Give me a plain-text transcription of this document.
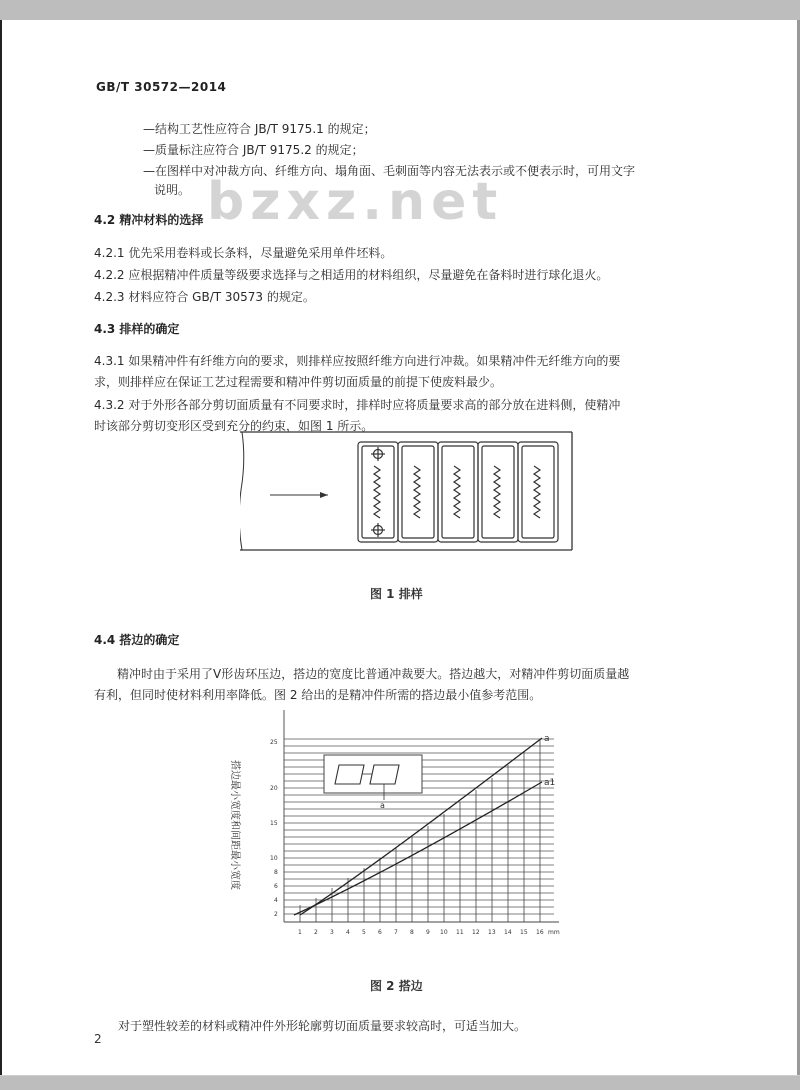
GB/T 30572—2014
—结构工艺性应符合 JB/T 9175.1 的规定；
—质量标注应符合 JB/T 9175.2 的规定；
—在图样中对冲裁方向、纤维方向、塌角面、毛刺面等内容无法表示或不便表示时，可用文字
说明。 bzxz.net
4.2 精冲材料的选择
4.2.1 优先采用卷料或长条料，尽量避免采用单件坯料。
4.2.2 应根据精冲件质量等级要求选择与之相适用的材料组织，尽量避免在备料时进行球化退火。
4.2.3 材料应符合 GB/T 30573 的规定。
4.3 排样的确定
4.3.1 如果精冲件有纤维方向的要求，则排样应按照纤维方向进行冲裁。如果精冲件无纤维方向的要
求，则排样应在保证工艺过程需要和精冲件剪切面质量的前提下使废料最少。
4.3.2 对于外形各部分剪切面质量有不同要求时，排样时应将质量要求高的部分放在进料侧，使精冲
时该部分剪切变形区受到充分的约束，如图 1 所示。
图 1 排样
4.4 搭边的确定
精冲时由于采用了V形齿环压边，搭边的宽度比普通冲裁要大。搭边越大，对精冲件剪切面质量越
有利，但同时使材料利用率降低。图 2 给出的是精冲件所需的搭边最小值参考范围。
搭边最小宽度和间距最小宽度
a
a1
a
2
4
6
8
10
15
20
25
1 2 3 4 5 6 7 8 9 10 11 12 13 14 15 16 mm
图 2 搭边
对于塑性较差的材料或精冲件外形轮廓剪切面质量要求较高时，可适当加大。
2
